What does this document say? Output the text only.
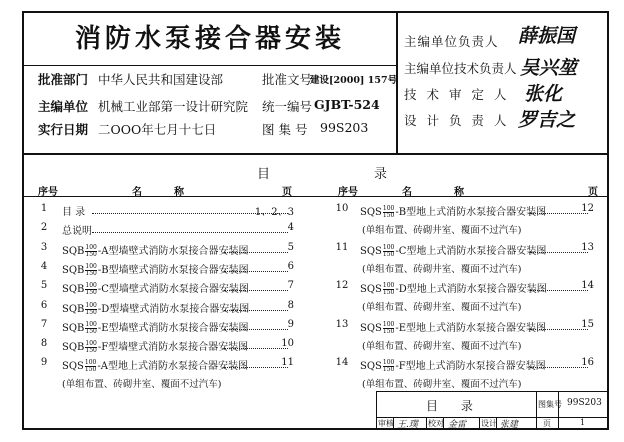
消防水泵接合器安装
批准部门 中华人民共和国建设部	批准文号
建设[2000] 157号
主编单位 机械工业部第一设计研究院 统一编号 GJBT-524
实行日期 二OOO年七月十七日	图 集 号 99S203
主编单位负责人 薛振国
主编单位技术负责人 吴兴堃
技 术 审 定 人 张化
设 计 负 责 人 罗吉之
目	录
序号	名	称	页	序号	名	称	页
1	目 录	1、2、3
2	总说明	4
3	SQB $\frac{100}{150} -A$型墙壁式消防水泵接合器安装图	5
4	SQB $\frac{100}{150} -B$型墙壁式消防水泵接合器安装图	6
5	SQB $\frac{100}{150} -C$型墙壁式消防水泵接合器安装图	7
6	SQB $\frac{100}{150} -D$型墙壁式消防水泵接合器安装图	8
7	SQB $\frac{100}{150} -E$型墙壁式消防水泵接合器安装图	9
8	SQB $\frac{100}{150} -F$型墙壁式消防水泵接合器安装图	10
9	SQS $\frac{100}{150} -A$型地上式消防水泵接合器安装图	11
(单组布置、砖砌井室、覆面不过汽车)
10	SQS $\frac{100}{150} -B$型地上式消防水泵接合器安装图	12
(单组布置、砖砌井室、覆面不过汽车)
11	SQS $\frac{100}{150} -C$型地上式消防水泵接合器安装图	13
(单组布置、砖砌井室、覆面不过汽车)
12	SQS $\frac{100}{150} -D$型地上式消防水泵接合器安装图	14
(单组布置、砖砌井室、覆面不过汽车)
13	SQS $\frac{100}{150} -E$型地上式消防水泵接合器安装图	15
(单组布置、砖砌井室、覆面不过汽车)
14	SQS $\frac{100}{150} -F$型地上式消防水泵接合器安装图	16
(单组布置、砖砌井室、覆面不过汽车)
目      录	图集号 99S203
审核 王.璞 校对 金雷 设计 张建	页	1
